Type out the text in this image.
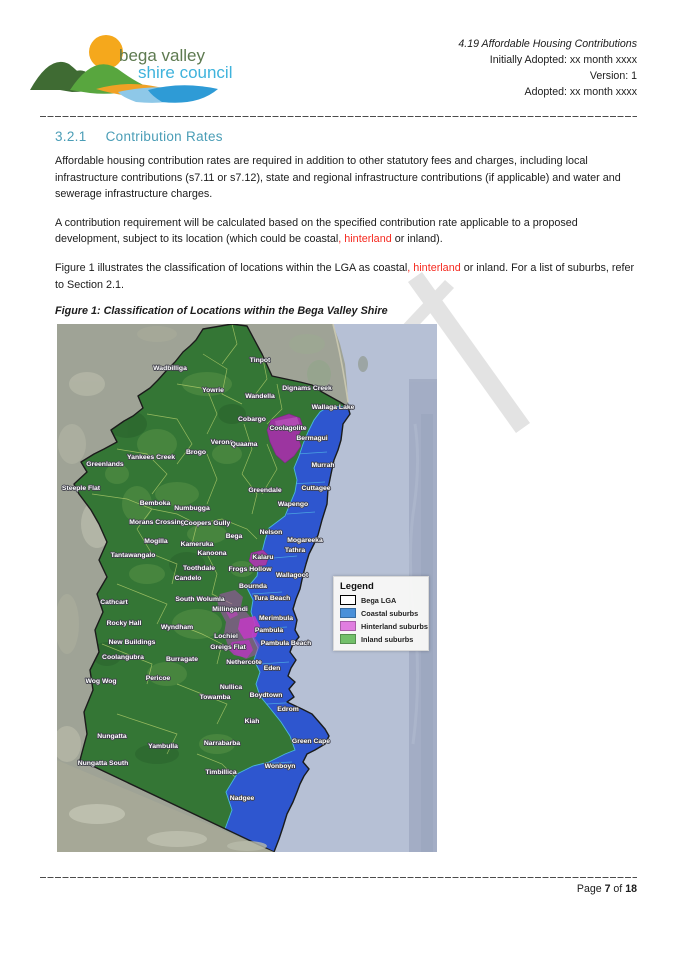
bega valley
shire council
4.19 Affordable Housing Contributions
Initially Adopted: xx month xxxx
Version: 1
Adopted: xx month xxxx
3.2.1 Contribution Rates

Affordable housing contribution rates are required in addition to other statutory fees and charges, including local infrastructure contributions (s7.11 or s7.12), state and regional infrastructure contributions (if applicable) and water and sewerage infrastructure charges.

A contribution requirement will be calculated based on the specified contribution rate applicable to a proposed development, subject to its location (which could be coastal, hinterland or inland).

Figure 1 illustrates the classification of locations within the LGA as coastal, hinterland or inland. For a list of suburbs, refer to Section 2.1.

Figure 1: Classification of Locations within the Bega Valley Shire
Tinpot
Wadbilliga
Yowrie
Wandella
Dignams Creek
Wallaga Lake
Cobargo
Coolagolite
Bermagui
Verona
Quaama
Brogo
Yankees Creek
Greenlands	Murrah
Steeple Flat	Greendale	Cuttagee
Bemboka
Numbugga
Wapengo
Morans Crossing Coopers Gully
Bega
Nelson
Mogilla Kameruka
Mogareeka
Tathra
Tantawangalo	Kanoona
Kalaru
Toothdale Frogs Hollow
Wallagoot
Candelo
Bournda
Cathcart	South Wolumla	Tura Beach
Millingandi
Merimbula
Rocky Hall
Wyndham	Pambula
Lochiel
New Buildings
Greigs Flat
Pambula Beach
Coolangubra	Burragate	Nethercote
Eden
Pericoe
Wog Wog
Nullica
Towamba	Boydtown
Edrom
Kiah
Nungatta
Yambulla	Narrabarba	Green Cape
Nungatta South	Wonboyn
Timbillica
Nadgee
Legend
Bega LGA
Coastal suburbs
Hinterland suburbs
Inland suburbs
Page 7 of 18
